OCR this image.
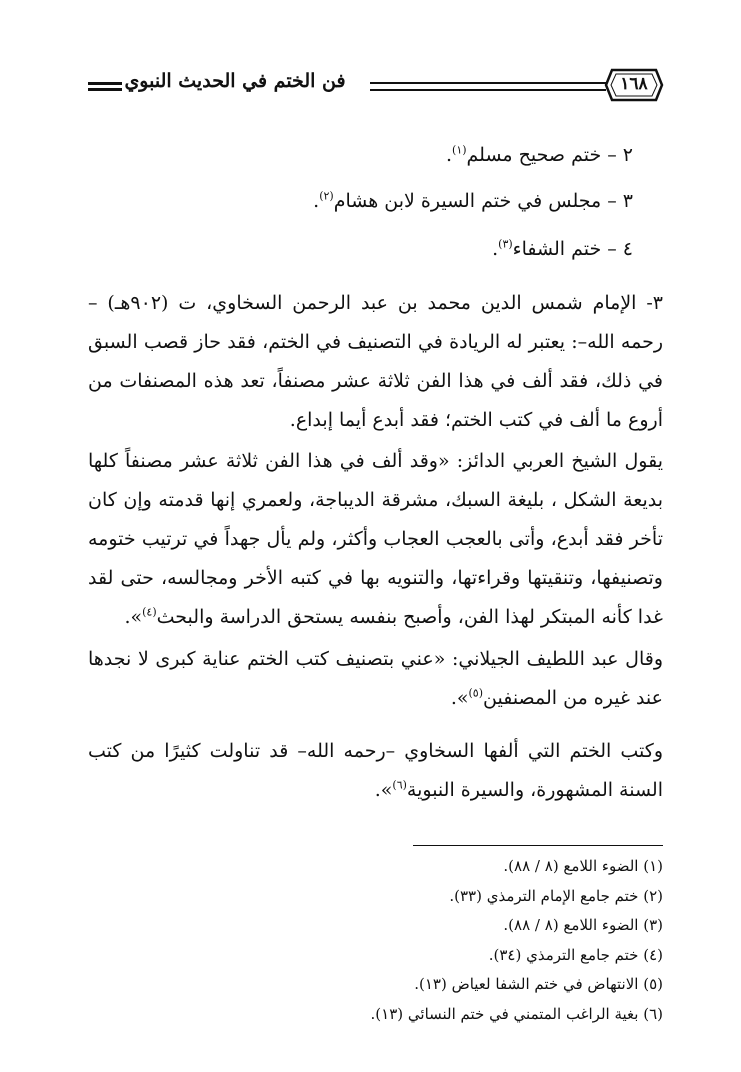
فن الختم في الحديث النبوي	١٦٨
٢ – ختم صحيح مسلم$^{(١)}$.
٣ – مجلس في ختم السيرة لابن هشام$^{(٢)}$.
٤ – ختم الشفاء$^{(٣)}$.

٣- الإمام شمس الدين محمد بن عبد الرحمن السخاوي، ت (٩٠٢هـ) – رحمه الله–: يعتبر له الريادة في التصنيف في الختم، فقد حاز قصب السبق في ذلك، فقد ألف في هذا الفن ثلاثة عشر مصنفاً، تعد هذه المصنفات من أروع ما ألف في كتب الختم؛ فقد أبدع أيما إبداع.

يقول الشيخ العربي الدائز: «وقد ألف في هذا الفن ثلاثة عشر مصنفاً كلها بديعة الشكل ، بليغة السبك، مشرقة الديباجة، ولعمري إنها قدمته وإن كان تأخر فقد أبدع، وأتى بالعجب العجاب وأكثر، ولم يأل جهداً في ترتيب ختومه وتصنيفها، وتنقيتها وقراءتها، والتنويه بها في كتبه الأخر ومجالسه، حتى لقد غدا كأنه المبتكر لهذا الفن، وأصبح بنفسه يستحق الدراسة والبحث$^{(٤)}$».

وقال عبد اللطيف الجيلاني: «عني بتصنيف كتب الختم عناية كبرى لا نجدها عند غيره من المصنفين$^{(٥)}$».

وكتب الختم التي ألفها السخاوي –رحمه الله– قد تناولت كثيرًا من كتب السنة المشهورة، والسيرة النبوية$^{(٦)}$».

(١) الضوء اللامع (٨ / ٨٨).
(٢) ختم جامع الإمام الترمذي (٣٣).
(٣) الضوء اللامع (٨ / ٨٨).
(٤) ختم جامع الترمذي (٣٤).
(٥) الانتهاض في ختم الشفا لعياض (١٣).
(٦) بغية الراغب المتمني في ختم النسائي (١٣).
